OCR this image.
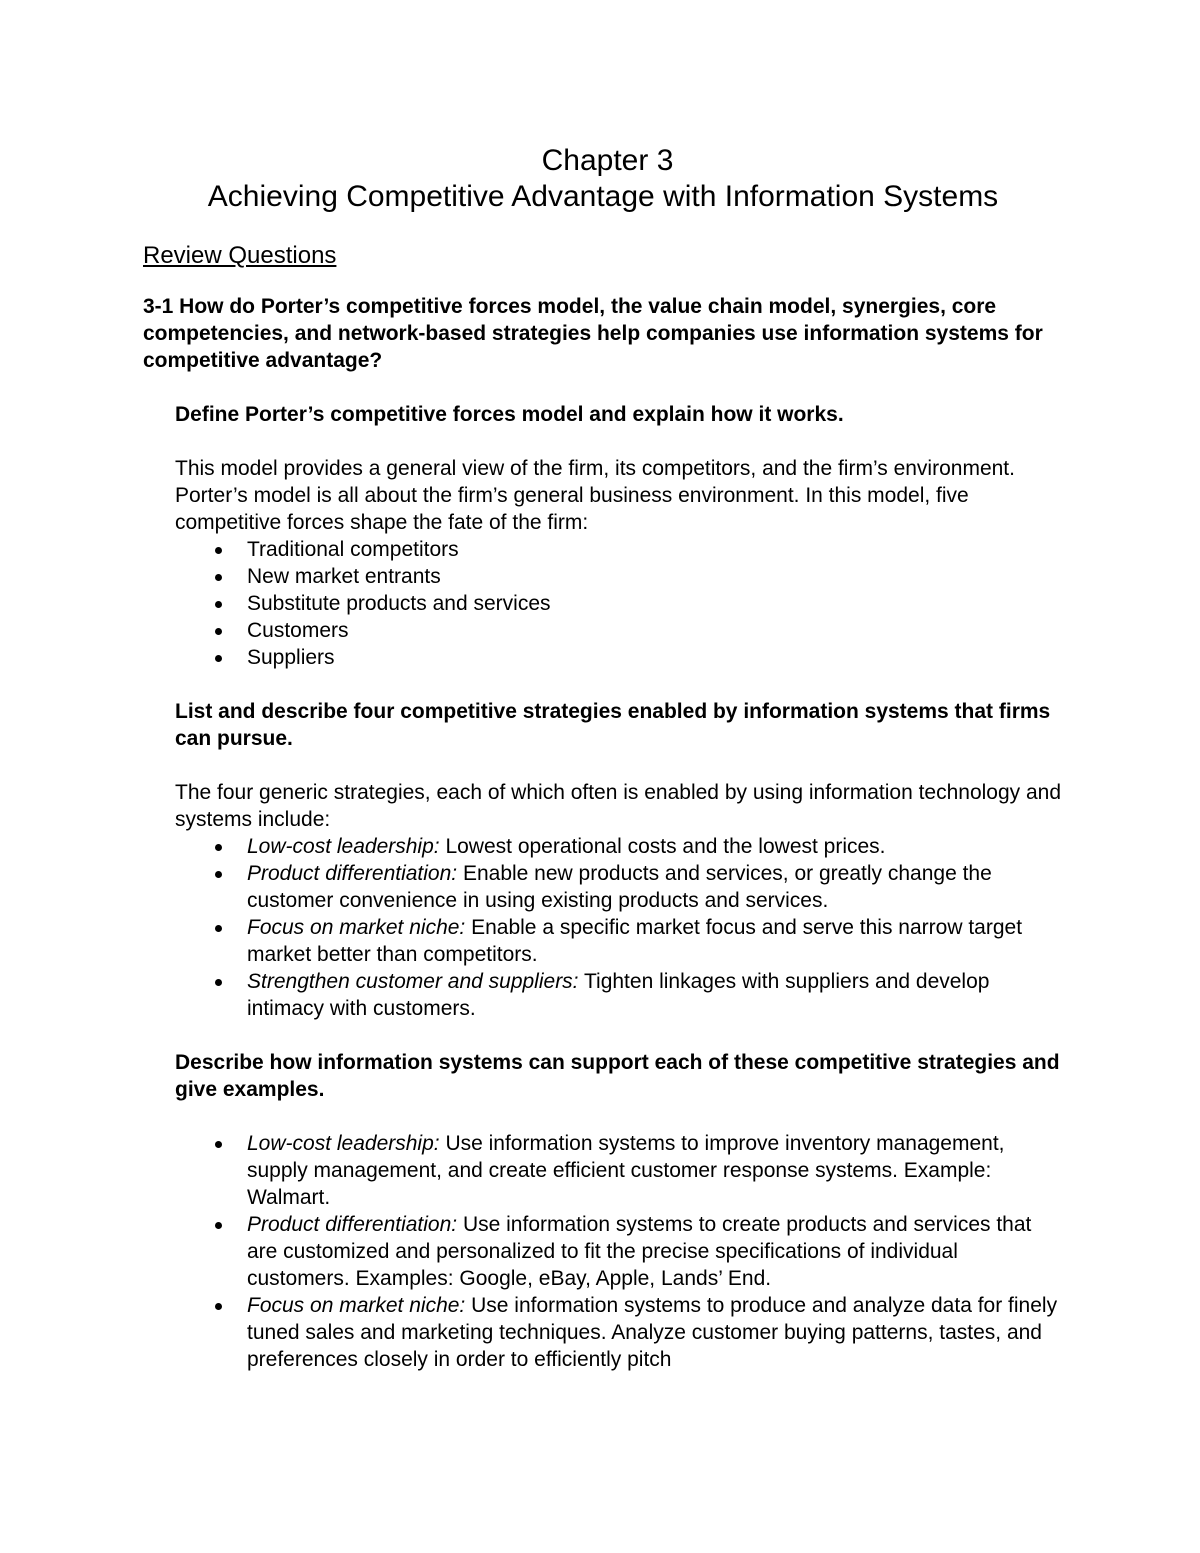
Chapter 3
Achieving Competitive Advantage with Information Systems
Review Questions

3-1 How do Porter’s competitive forces model, the value chain model, synergies, core competencies, and network-based strategies help companies use information systems for competitive advantage?

Define Porter’s competitive forces model and explain how it works.

This model provides a general view of the firm, its competitors, and the firm’s environment. Porter’s model is all about the firm’s general business environment. In this model, five competitive forces shape the fate of the firm:

Traditional competitors
New market entrants
Substitute products and services
Customers
Suppliers

List and describe four competitive strategies enabled by information systems that firms can pursue.

The four generic strategies, each of which often is enabled by using information technology and systems include:

Low-cost leadership: Lowest operational costs and the lowest prices.
Product differentiation: Enable new products and services, or greatly change the customer convenience in using existing products and services.
Focus on market niche: Enable a specific market focus and serve this narrow target market better than competitors.
Strengthen customer and suppliers: Tighten linkages with suppliers and develop intimacy with customers.

Describe how information systems can support each of these competitive strategies and give examples.

Low-cost leadership: Use information systems to improve inventory management, supply management, and create efficient customer response systems. Example: Walmart.
Product differentiation: Use information systems to create products and services that are customized and personalized to fit the precise specifications of individual customers. Examples: Google, eBay, Apple, Lands’ End.
Focus on market niche: Use information systems to produce and analyze data for finely tuned sales and marketing techniques. Analyze customer buying patterns, tastes, and preferences closely in order to efficiently pitch
